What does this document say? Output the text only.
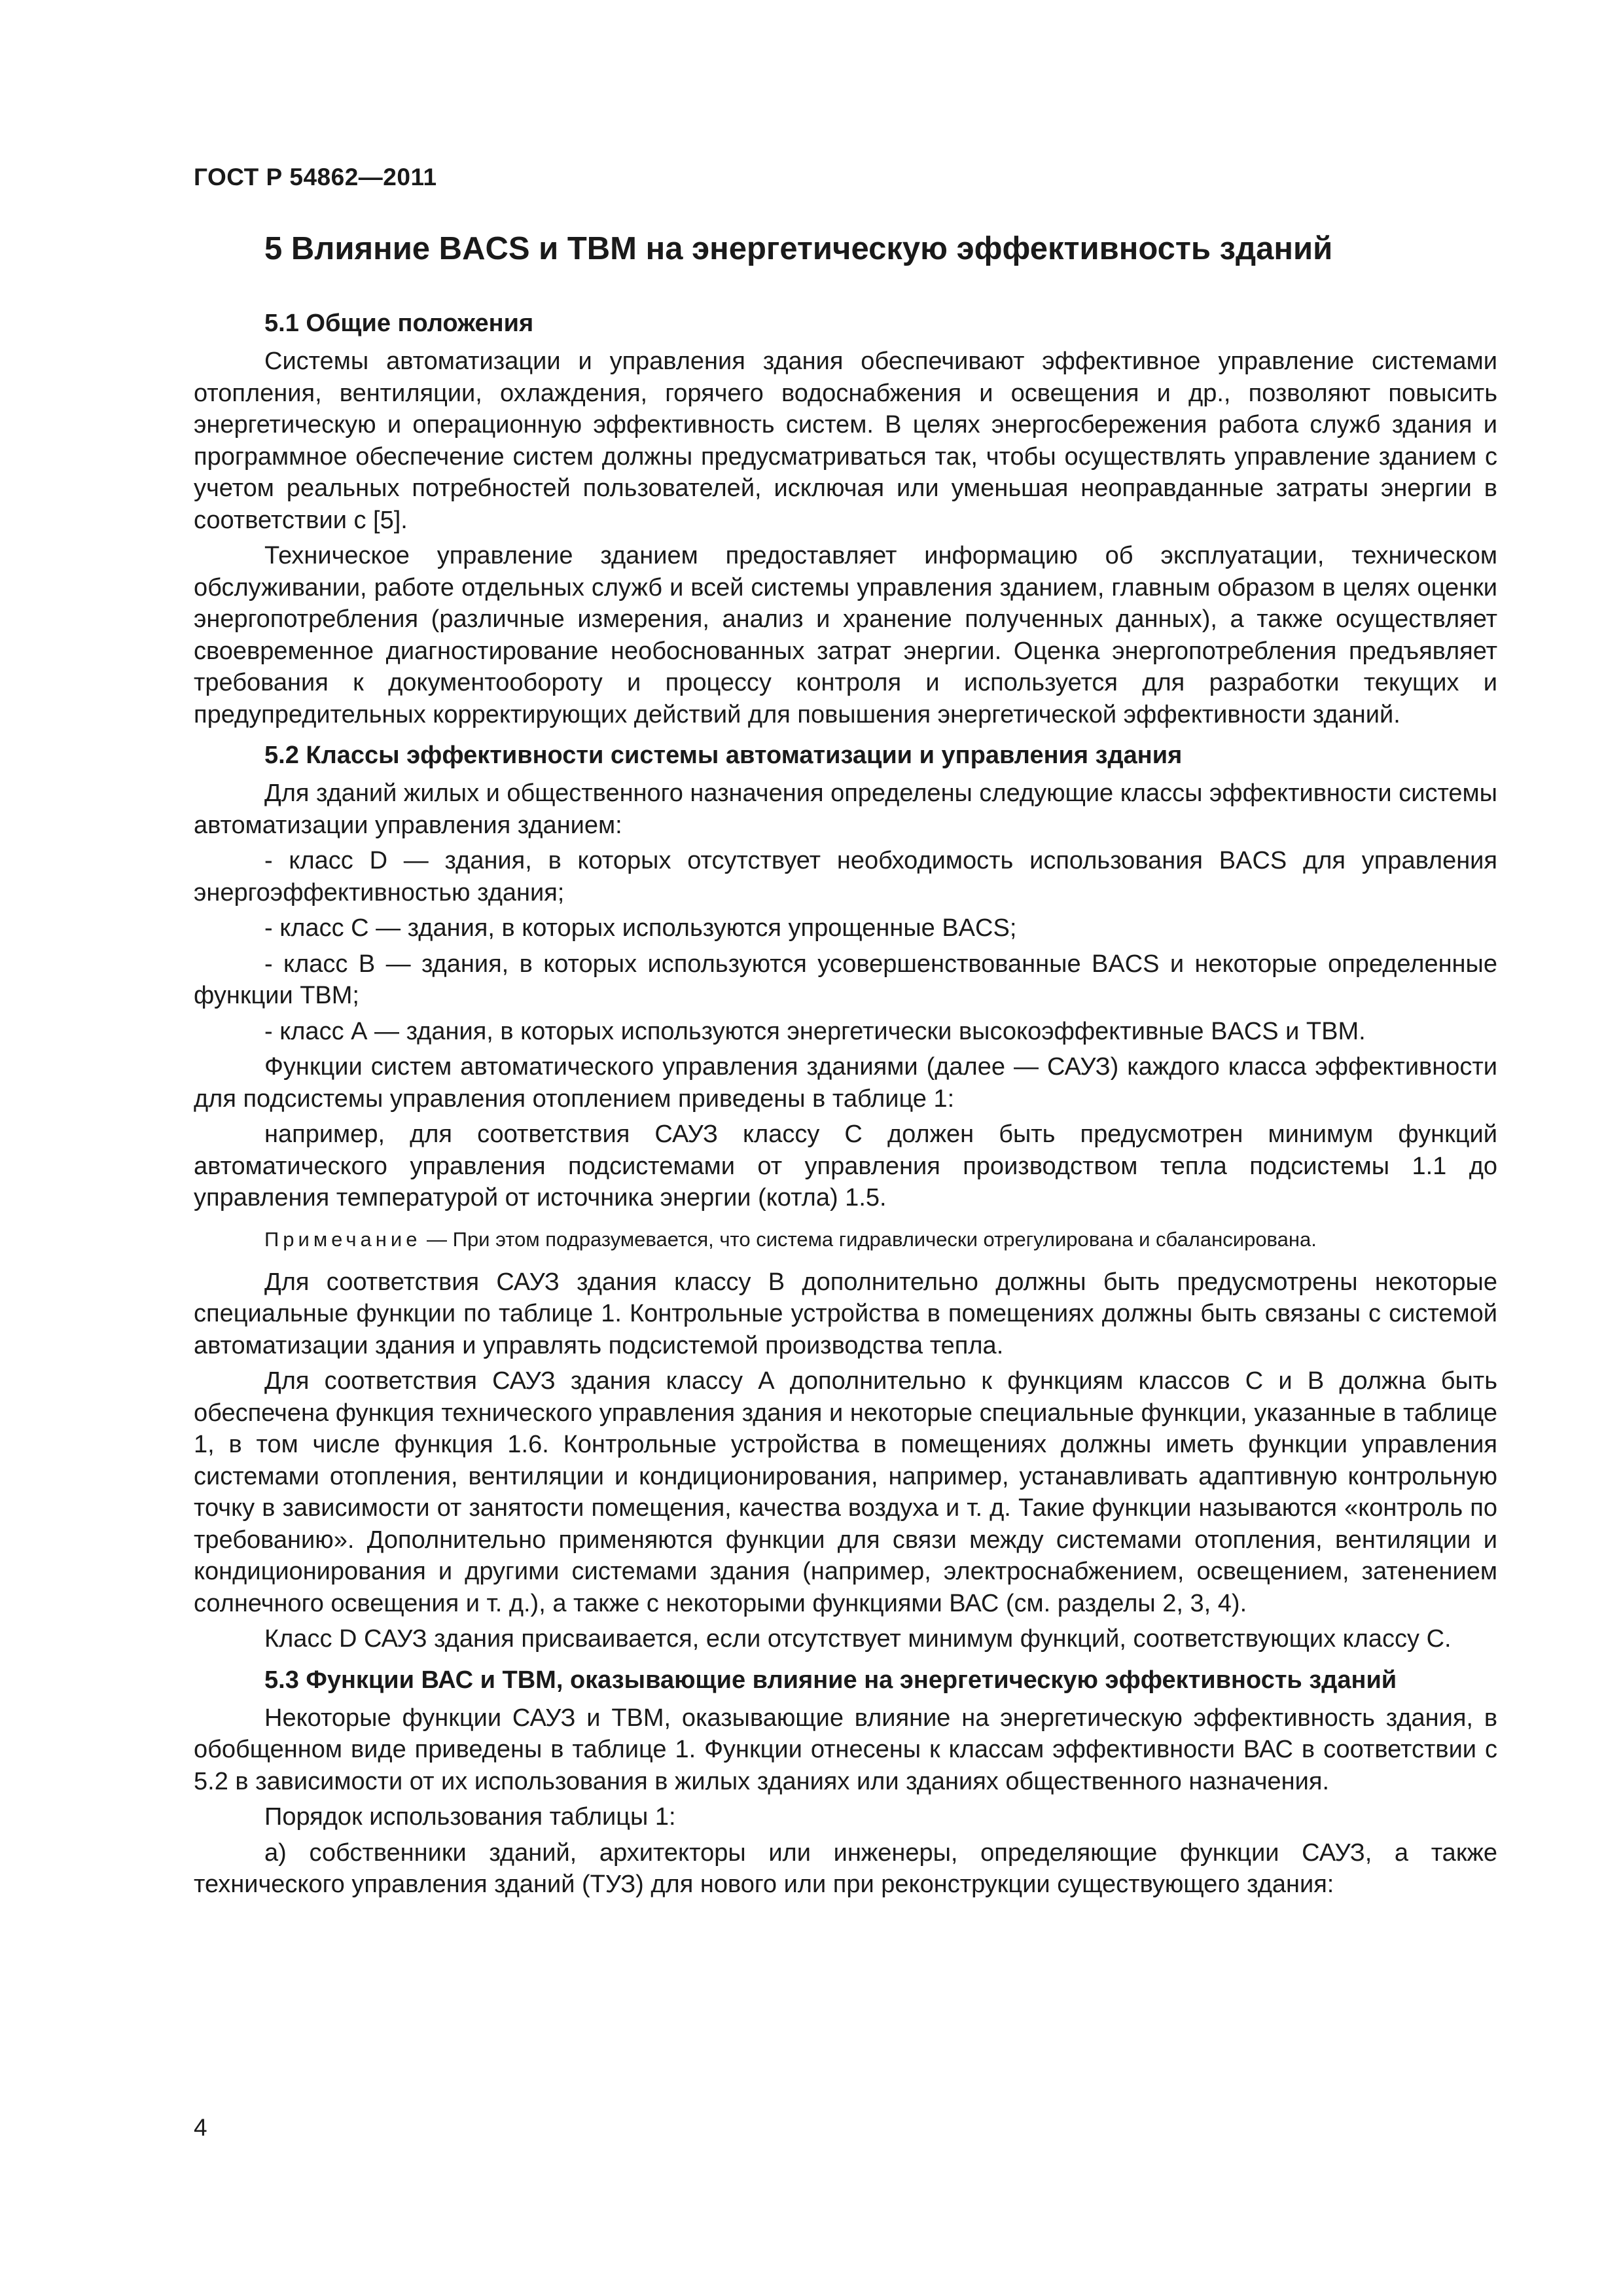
ГОСТ Р 54862—2011
5 Влияние BACS и ТВМ на энергетическую эффективность зданий
5.1 Общие положения

Системы автоматизации и управления здания обеспечивают эффективное управление системами отопления, вентиляции, охлаждения, горячего водоснабжения и освещения и др., позволяют повысить энергетическую и операционную эффективность систем. В целях энергосбережения работа служб здания и программное обеспечение систем должны предусматриваться так, чтобы осуществлять управление зданием с учетом реальных потребностей пользователей, исключая или уменьшая неоправданные затраты энергии в соответствии с [5].

Техническое управление зданием предоставляет информацию об эксплуатации, техническом обслуживании, работе отдельных служб и всей системы управления зданием, главным образом в целях оценки энергопотребления (различные измерения, анализ и хранение полученных данных), а также осуществляет своевременное диагностирование необоснованных затрат энергии. Оценка энергопотребления предъявляет требования к документообороту и процессу контроля и используется для разработки текущих и предупредительных корректирующих действий для повышения энергетической эффективности зданий.

5.2 Классы эффективности системы автоматизации и управления здания

Для зданий жилых и общественного назначения определены следующие классы эффективности системы автоматизации управления зданием:

- класс D — здания, в которых отсутствует необходимость использования BACS для управления энергоэффективностью здания;

- класс С — здания, в которых используются упрощенные BACS;

- класс В — здания, в которых используются усовершенствованные BACS и некоторые определенные функции ТВМ;

- класс А — здания, в которых используются энергетически высокоэффективные BACS и ТВМ.

Функции систем автоматического управления зданиями (далее — САУЗ) каждого класса эффективности для подсистемы управления отоплением приведены в таблице 1:

например, для соответствия САУЗ классу С должен быть предусмотрен минимум функций автоматического управления подсистемами от управления производством тепла подсистемы 1.1 до управления температурой от источника энергии (котла) 1.5.

Примечание — При этом подразумевается, что система гидравлически отрегулирована и сбалансирована.

Для соответствия САУЗ здания классу В дополнительно должны быть предусмотрены некоторые специальные функции по таблице 1. Контрольные устройства в помещениях должны быть связаны с системой автоматизации здания и управлять подсистемой производства тепла.

Для соответствия САУЗ здания классу А дополнительно к функциям классов С и В должна быть обеспечена функция технического управления здания и некоторые специальные функции, указанные в таблице 1, в том числе функция 1.6. Контрольные устройства в помещениях должны иметь функции управления системами отопления, вентиляции и кондиционирования, например, устанавливать адаптивную контрольную точку в зависимости от занятости помещения, качества воздуха и т. д. Такие функции называются «контроль по требованию». Дополнительно применяются функции для связи между системами отопления, вентиляции и кондиционирования и другими системами здания (например, электроснабжением, освещением, затенением солнечного освещения и т. д.), а также с некоторыми функциями ВАС (см. разделы 2, 3, 4).

Класс D САУЗ здания присваивается, если отсутствует минимум функций, соответствующих классу С.

5.3 Функции ВАС и ТВМ, оказывающие влияние на энергетическую эффективность зданий

Некоторые функции САУЗ и ТВМ, оказывающие влияние на энергетическую эффективность здания, в обобщенном виде приведены в таблице 1. Функции отнесены к классам эффективности ВАС в соответствии с 5.2 в зависимости от их использования в жилых зданиях или зданиях общественного назначения.

Порядок использования таблицы 1:

а) собственники зданий, архитекторы или инженеры, определяющие функции САУЗ, а также технического управления зданий (ТУЗ) для нового или при реконструкции существующего здания:

4
